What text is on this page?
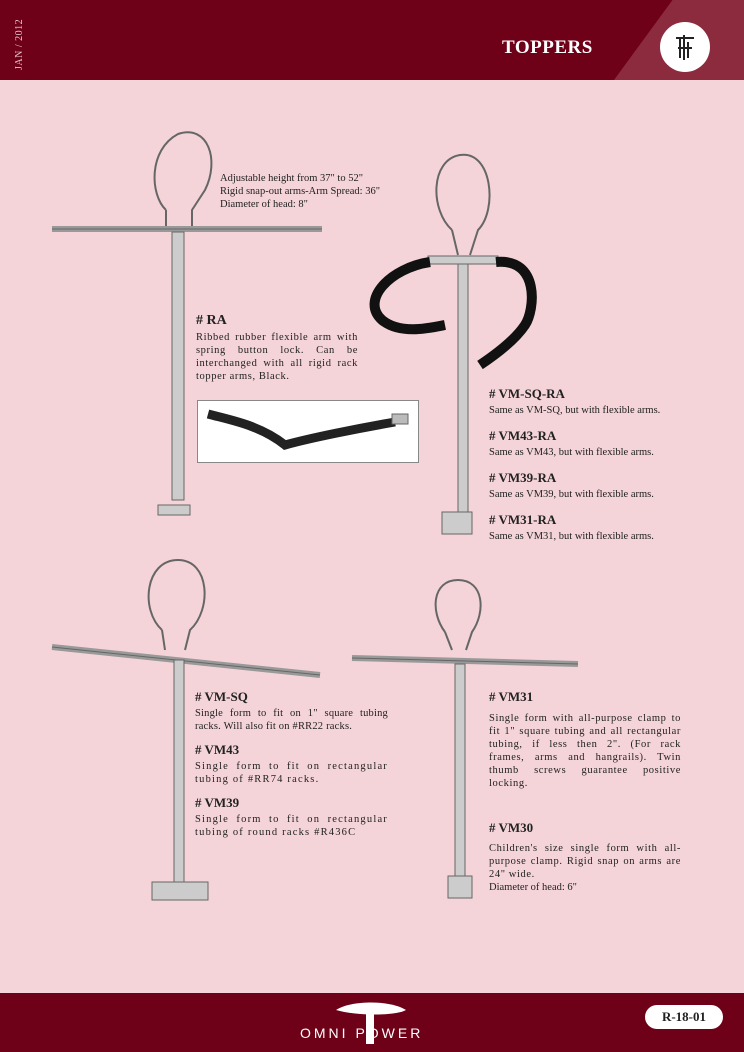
JAN / 2012	TOPPERS
Adjustable height from 37" to 52"
Rigid snap-out arms-Arm Spread: 36"
Diameter of head: 8"
# RA
Ribbed rubber flexible arm with spring button lock. Can be interchanged with all rigid rack topper arms, Black.
# VM-SQ-RA
Same as VM-SQ, but with flexible arms.
# VM43-RA
Same as VM43, but with flexible arms.
# VM39-RA
Same as VM39, but with flexible arms.
# VM31-RA
Same as VM31, but with flexible arms.
# VM-SQ
Single form to fit on 1" square tubing racks. Will also fit on #RR22 racks.
# VM43
Single form to fit on rectangular tubing of #RR74 racks.
# VM39
Single form to fit on rectangular tubing of round racks #R436C
# VM31
Single form with all-purpose clamp to fit 1" square tubing and all rectangular tubing, if less then 2". (For rack frames, arms and hangrails). Twin thumb screws guarantee positive locking.
# VM30
Children's size single form with all-purpose clamp. Rigid snap on arms are 24" wide.
Diameter of head: 6"
OMNI POWER
R-18-01
